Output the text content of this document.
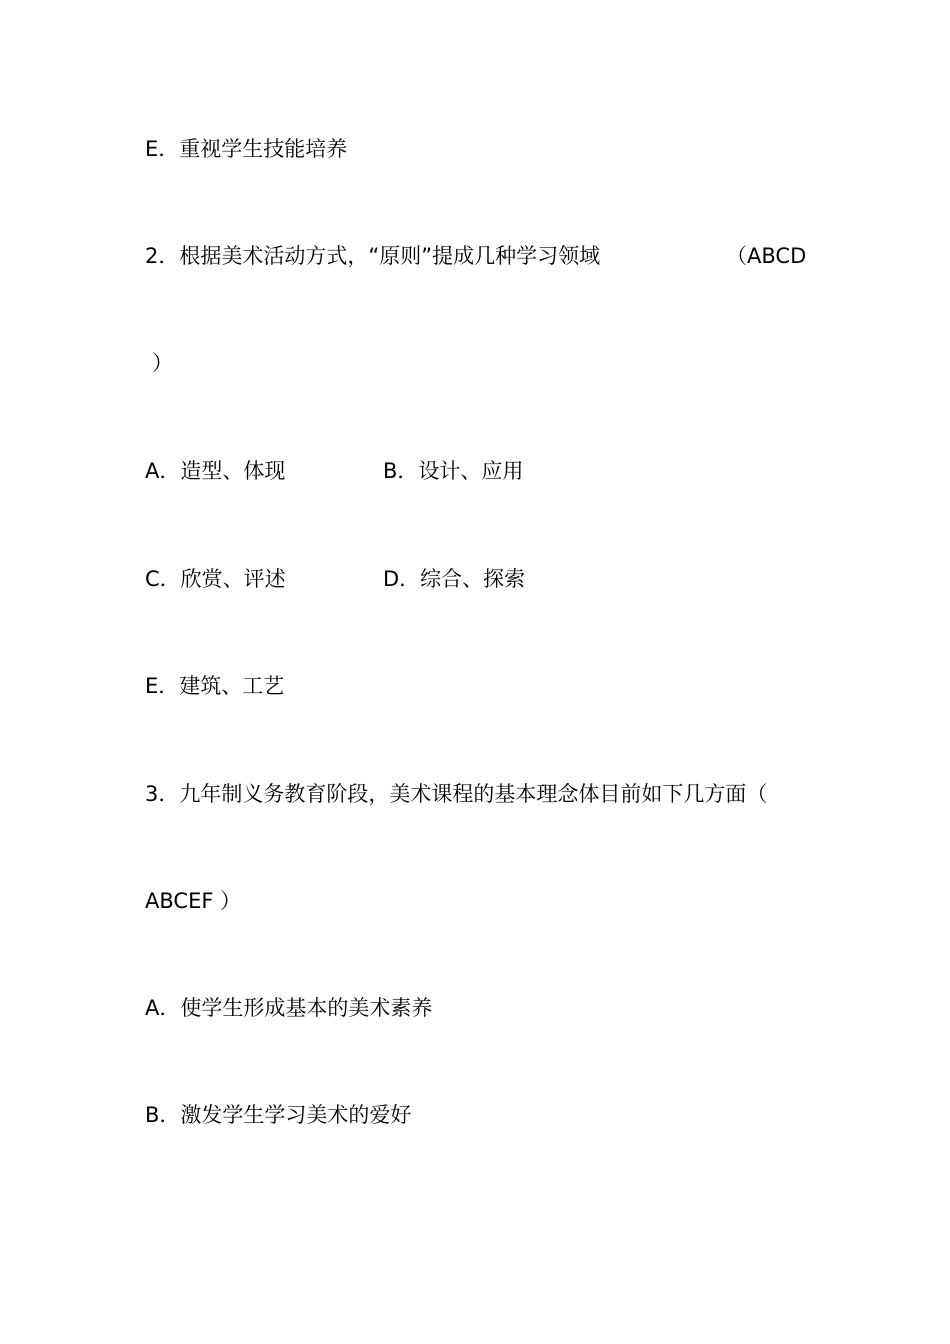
E．重视学生技能培养
2．根据美术活动方式，“原则”提成几种学习领域	（ABCD
）
A．造型、体现	B．设计、应用
C．欣赏、评述	D．综合、探索
E．建筑、工艺
3．九年制义务教育阶段，美术课程的基本理念体目前如下几方面（
ABCEF ）
A．使学生形成基本的美术素养
B．激发学生学习美术的爱好
